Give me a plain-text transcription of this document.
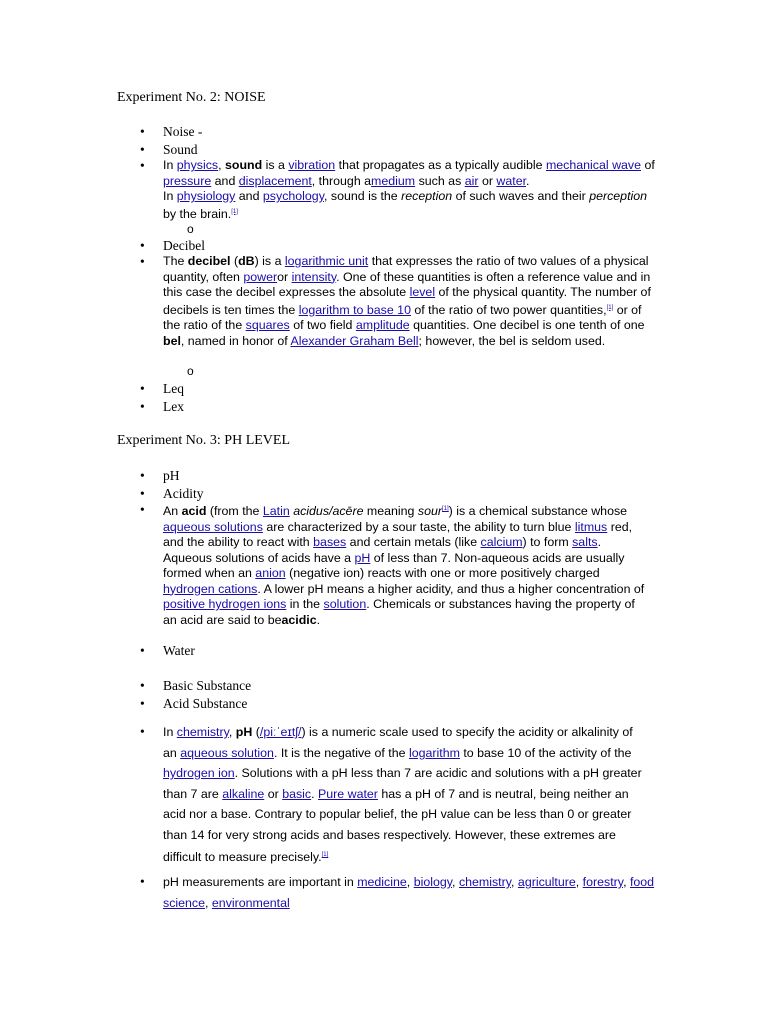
Experiment No. 2: NOISE
• Noise -
• Sound
•	In physics, sound is a vibration that propagates as a typically audible mechanical wave of pressure and displacement, through amedium such as air or water.
In physiology and psychology, sound is the reception of such waves and their perception by the brain.[1]
o
• Decibel
•	The decibel (dB) is a logarithmic unit that expresses the ratio of two values of a physical quantity, often poweror intensity. One of these quantities is often a reference value and in this case the decibel expresses the absolute level of the physical quantity. The number of decibels is ten times the logarithm to base 10 of the ratio of two power quantities,[1] or of the ratio of the squares of two field amplitude quantities. One decibel is one tenth of one bel, named in honor of Alexander Graham Bell; however, the bel is seldom used.
o
• Leq
• Lex
Experiment No. 3: PH LEVEL
• pH
• Acidity
•	An acid (from the Latin acidus/acēre meaning sour[1]) is a chemical substance whose aqueous solutions are characterized by a sour taste, the ability to turn blue litmus red, and the ability to react with bases and certain metals (like calcium) to form salts. Aqueous solutions of acids have a pH of less than 7. Non-aqueous acids are usually formed when an anion (negative ion) reacts with one or more positively charged hydrogen cations. A lower pH means a higher acidity, and thus a higher concentration of positive hydrogen ions in the solution. Chemicals or substances having the property of an acid are said to beacidic.
• Water
• Basic Substance
• Acid Substance
•	In chemistry, pH (/piːˈeɪtʃ/) is a numeric scale used to specify the acidity or alkalinity of an aqueous solution. It is the negative of the logarithm to base 10 of the activity of the hydrogen ion. Solutions with a pH less than 7 are acidic and solutions with a pH greater than 7 are alkaline or basic. Pure water has a pH of 7 and is neutral, being neither an acid nor a base. Contrary to popular belief, the pH value can be less than 0 or greater than 14 for very strong acids and bases respectively. However, these extremes are difficult to measure precisely.[1]
•	pH measurements are important in medicine, biology, chemistry, agriculture, forestry, food science, environmental
